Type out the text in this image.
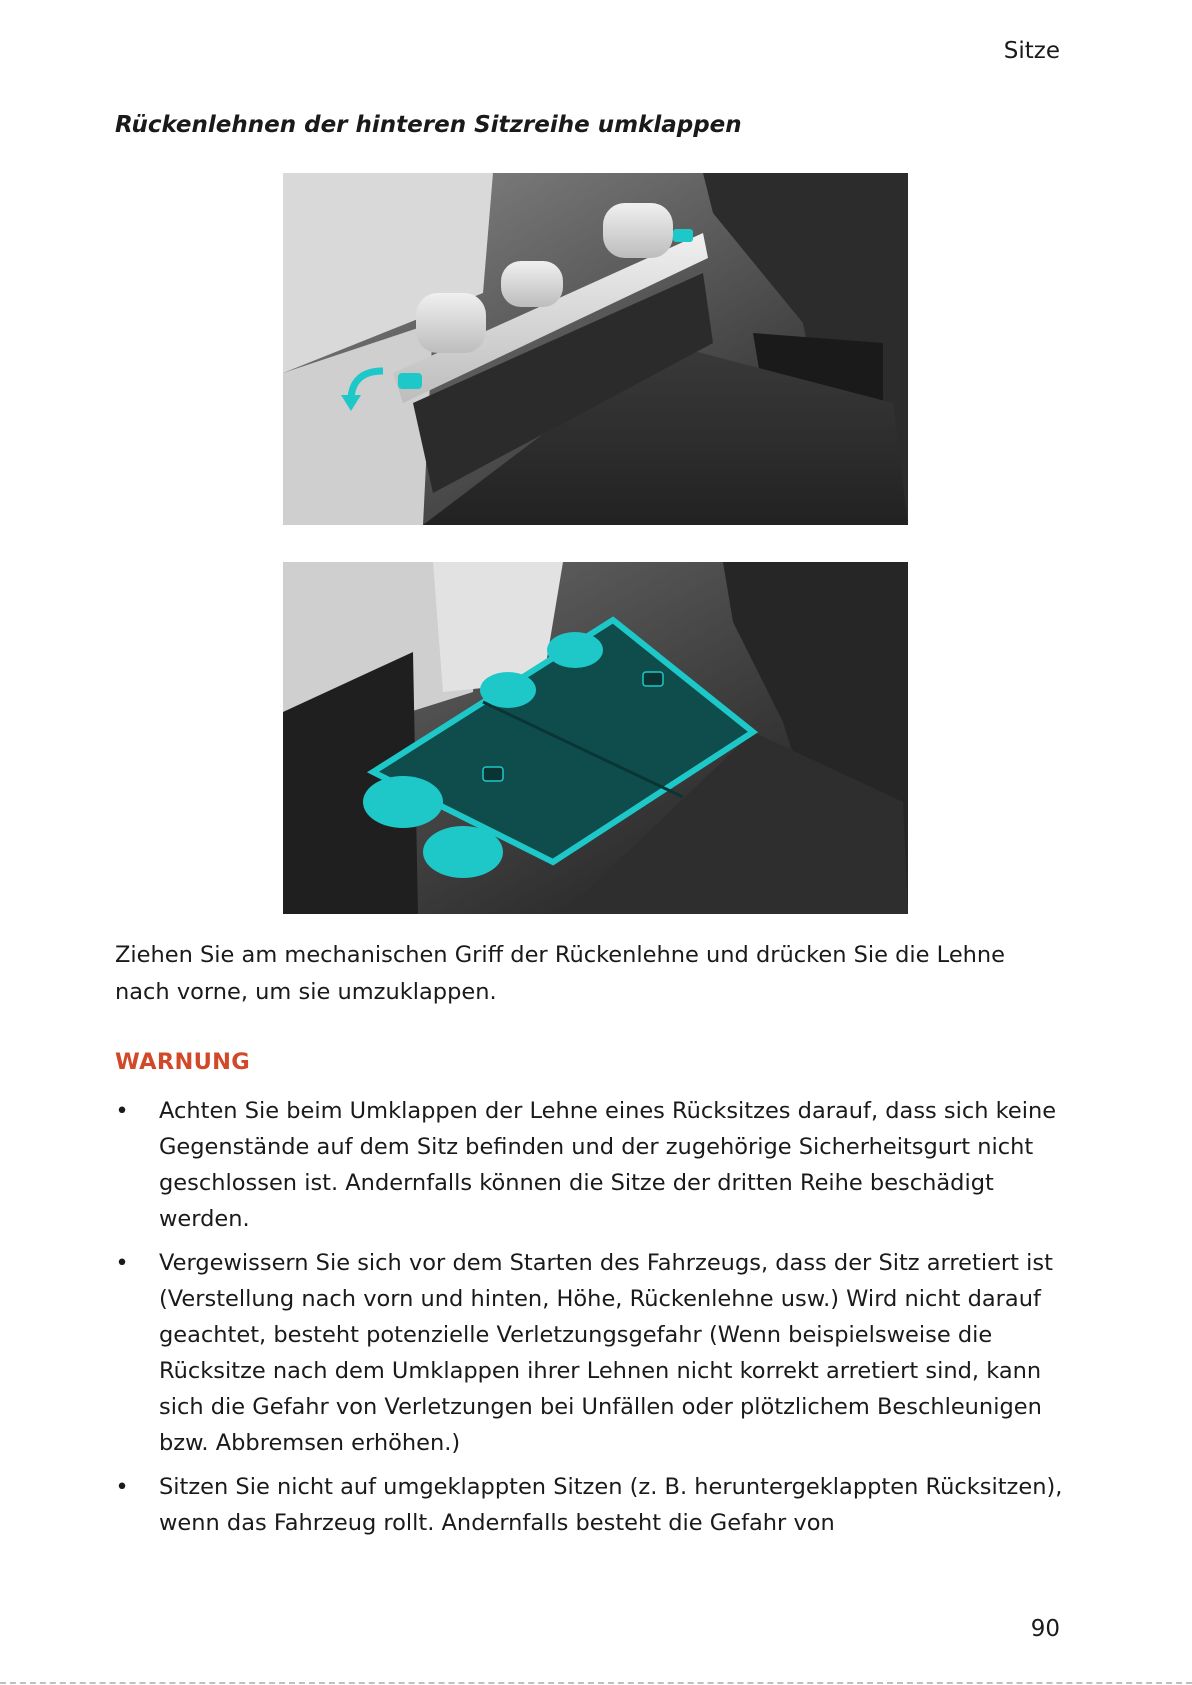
Sitze
Rückenlehnen der hinteren Sitzreihe umklappen

Ziehen Sie am mechanischen Griff der Rückenlehne und drücken Sie die Lehne nach vorne, um sie umzuklappen.

WARNUNG
• Achten Sie beim Umklappen der Lehne eines Rücksitzes darauf, dass sich keine Gegenstände auf dem Sitz befinden und der zugehörige Sicherheitsgurt nicht geschlossen ist. Andernfalls können die Sitze der dritten Reihe beschädigt werden.
• Vergewissern Sie sich vor dem Starten des Fahrzeugs, dass der Sitz arretiert ist (Verstellung nach vorn und hinten, Höhe, Rückenlehne usw.) Wird nicht darauf geachtet, besteht potenzielle Verletzungsgefahr (Wenn beispielsweise die Rücksitze nach dem Umklappen ihrer Lehnen nicht korrekt arretiert sind, kann sich die Gefahr von Verletzungen bei Unfällen oder plötzlichem Beschleunigen bzw. Abbremsen erhöhen.)
• Sitzen Sie nicht auf umgeklappten Sitzen (z. B. heruntergeklappten Rücksitzen), wenn das Fahrzeug rollt. Andernfalls besteht die Gefahr von
90
